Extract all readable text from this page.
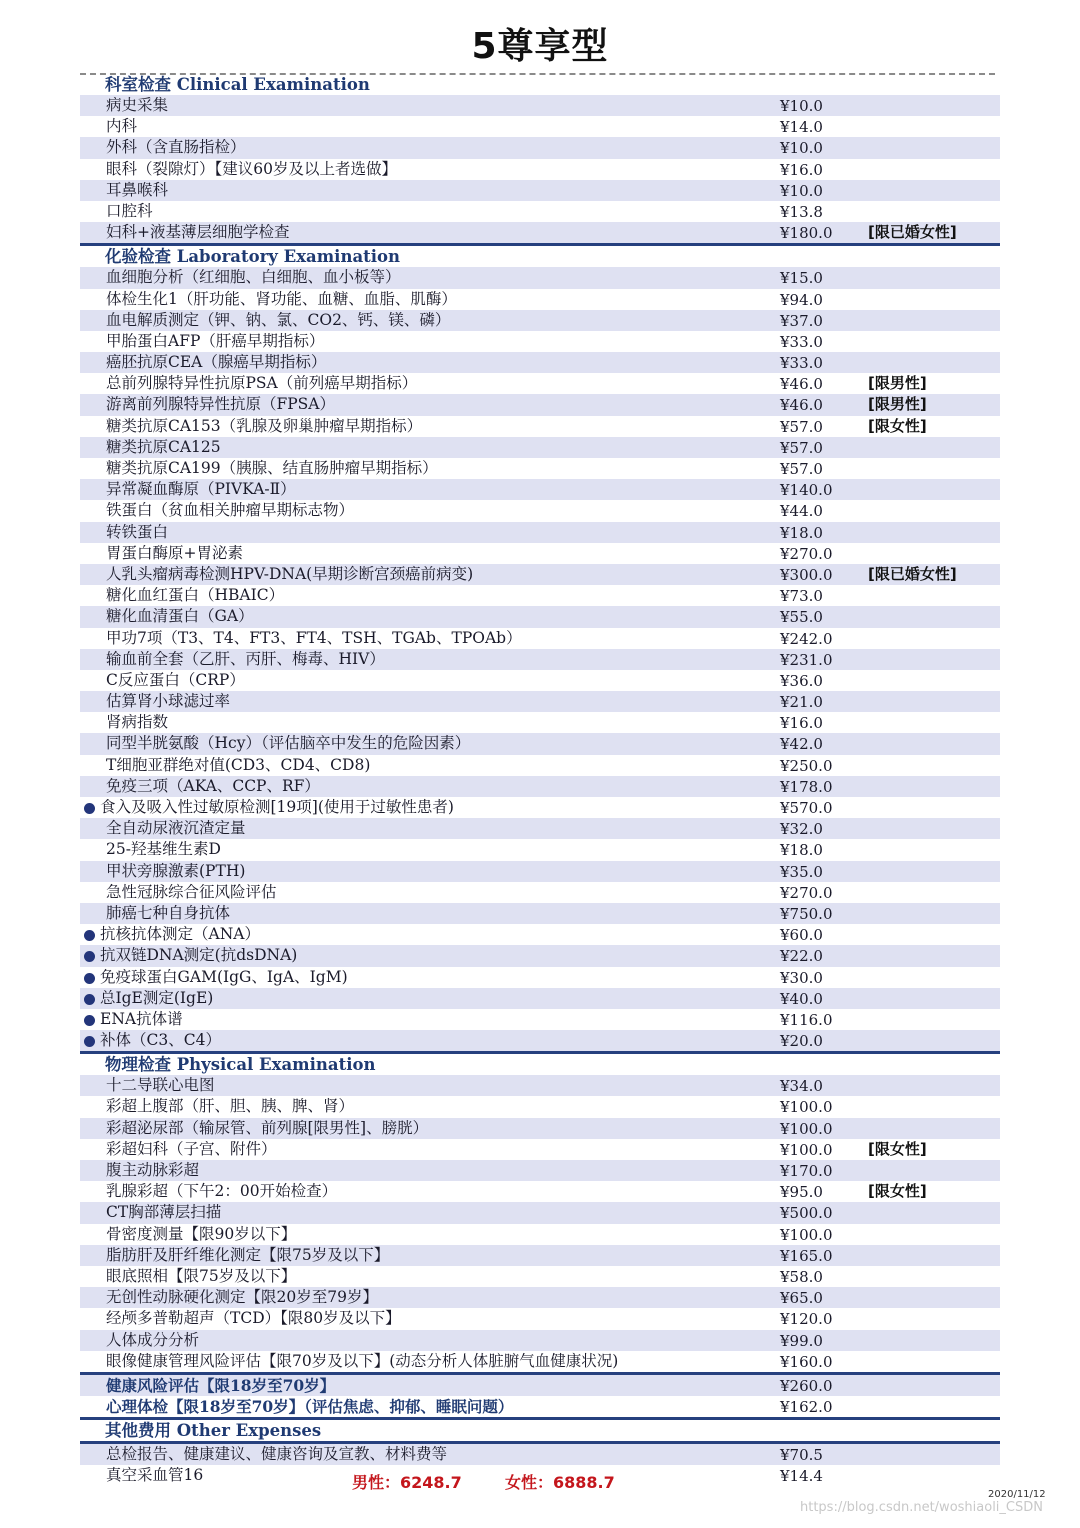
5尊享型
科室检查 Clinical Examination
病史采集	¥10.0
内科	¥14.0
外科（含直肠指检）	¥10.0
眼科（裂隙灯）【建议60岁及以上者选做】	¥16.0
耳鼻喉科	¥10.0
口腔科	¥13.8
妇科+液基薄层细胞学检查	¥180.0	[限已婚女性]
化验检查 Laboratory Examination
血细胞分析（红细胞、白细胞、血小板等）	¥15.0
体检生化1（肝功能、肾功能、血糖、血脂、肌酶）	¥94.0
血电解质测定（钾、钠、氯、CO2、钙、镁、磷）	¥37.0
甲胎蛋白AFP（肝癌早期指标）	¥33.0
癌胚抗原CEA（腺癌早期指标）	¥33.0
总前列腺特异性抗原PSA（前列癌早期指标）	¥46.0	[限男性]
游离前列腺特异性抗原（FPSA）	¥46.0	[限男性]
糖类抗原CA153（乳腺及卵巢肿瘤早期指标）	¥57.0	[限女性]
糖类抗原CA125	¥57.0
糖类抗原CA199（胰腺、结直肠肿瘤早期指标）	¥57.0
异常凝血酶原（PIVKA-Ⅱ）	¥140.0
铁蛋白（贫血相关肿瘤早期标志物）	¥44.0
转铁蛋白	¥18.0
胃蛋白酶原+胃泌素	¥270.0
人乳头瘤病毒检测HPV-DNA(早期诊断宫颈癌前病变)	¥300.0	[限已婚女性]
糖化血红蛋白（HBAIC）	¥73.0
糖化血清蛋白（GA）	¥55.0
甲功7项（T3、T4、FT3、FT4、TSH、TGAb、TPOAb）	¥242.0
输血前全套（乙肝、丙肝、梅毒、HIV）	¥231.0
C反应蛋白（CRP）	¥36.0
估算肾小球滤过率	¥21.0
肾病指数	¥16.0
同型半胱氨酸（Hcy）（评估脑卒中发生的危险因素）	¥42.0
T细胞亚群绝对值(CD3、CD4、CD8)	¥250.0
免疫三项（AKA、CCP、RF）	¥178.0
食入及吸入性过敏原检测[19项](使用于过敏性患者)	¥570.0
全自动尿液沉渣定量	¥32.0
25-羟基维生素D	¥18.0
甲状旁腺激素(PTH)	¥35.0
急性冠脉综合征风险评估	¥270.0
肺癌七种自身抗体	¥750.0
抗核抗体测定（ANA）	¥60.0
抗双链DNA测定(抗dsDNA)	¥22.0
免疫球蛋白GAM(IgG、IgA、IgM)	¥30.0
总IgE测定(IgE)	¥40.0
ENA抗体谱	¥116.0
补体（C3、C4）	¥20.0
物理检查 Physical Examination
十二导联心电图	¥34.0
彩超上腹部（肝、胆、胰、脾、肾）	¥100.0
彩超泌尿部（输尿管、前列腺[限男性]、膀胱）	¥100.0
彩超妇科（子宫、附件）	¥100.0	[限女性]
腹主动脉彩超	¥170.0
乳腺彩超（下午2：00开始检查）	¥95.0	[限女性]
CT胸部薄层扫描	¥500.0
骨密度测量【限90岁以下】	¥100.0
脂肪肝及肝纤维化测定【限75岁及以下】	¥165.0
眼底照相【限75岁及以下】	¥58.0
无创性动脉硬化测定【限20岁至79岁】	¥65.0
经颅多普勒超声（TCD）【限80岁及以下】	¥120.0
人体成分分析	¥99.0
眼像健康管理风险评估【限70岁及以下】(动态分析人体脏腑气血健康状况)	¥160.0
健康风险评估【限18岁至70岁】	¥260.0
心理体检【限18岁至70岁】（评估焦虑、抑郁、睡眠问题）	¥162.0
其他费用 Other Expenses
总检报告、健康建议、健康咨询及宣教、材料费等	¥70.5
真空采血管16	¥14.4
男性：6248.7	女性：6888.7
2020/11/12
https://blog.csdn.net/woshiaoli_CSDN
